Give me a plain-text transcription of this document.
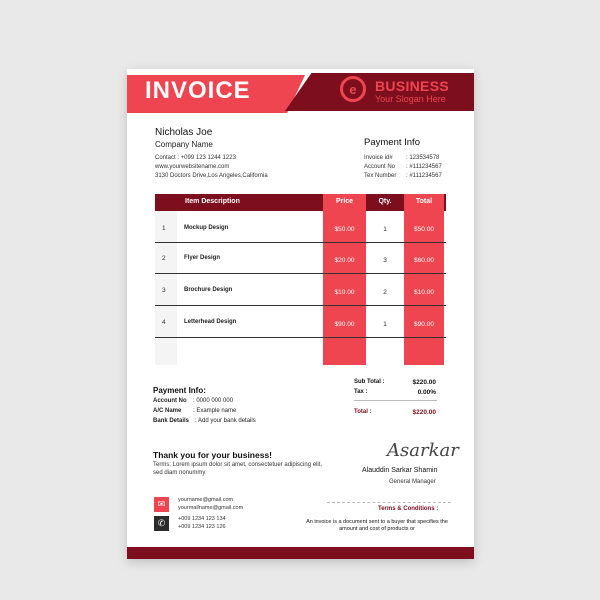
INVOICE	e	BUSINESS
Your Slogan Here
Nicholas Joe
Company Name
Contact : +099 123 1244 1223
www.yourwebsitename.com
3130 Doctors Drive,Los Angeles,California
Payment Info
Invoice id# : 123534578
Account No : #111234567
Tex Number : #111234567
Item Description	Price	Qty.	Total
1	Mockup Design	$50.00	1	$50.00
2	Flyer Design	$20.00	3	$60.00
3	Brochure Design	$10.00	2	$10.00
4	Letterhead Design	$90.00	1	$90.00
Payment Info:
Account No : 0000 000 000
A/C Name : Example name
Bank Details : Add your bank details
Sub Total :	$220.00
Tax :	0.00%
Total :	$220.00
Thank you for your business!
Terms: Lorem ipsum dolor sit amet, consectetuer adipiscing elit, sed diam nonummy
Asarkar
Alauddin Sarkar Shamin
General Manager
Terms & Conditions :
An invoice is a document sent to a buyer that specifies the amount and cost of products or
✉	yourname@gmail.com
yourmailname@gmail.com
✆	+009 1234 123 134
+009 1234 123 126
